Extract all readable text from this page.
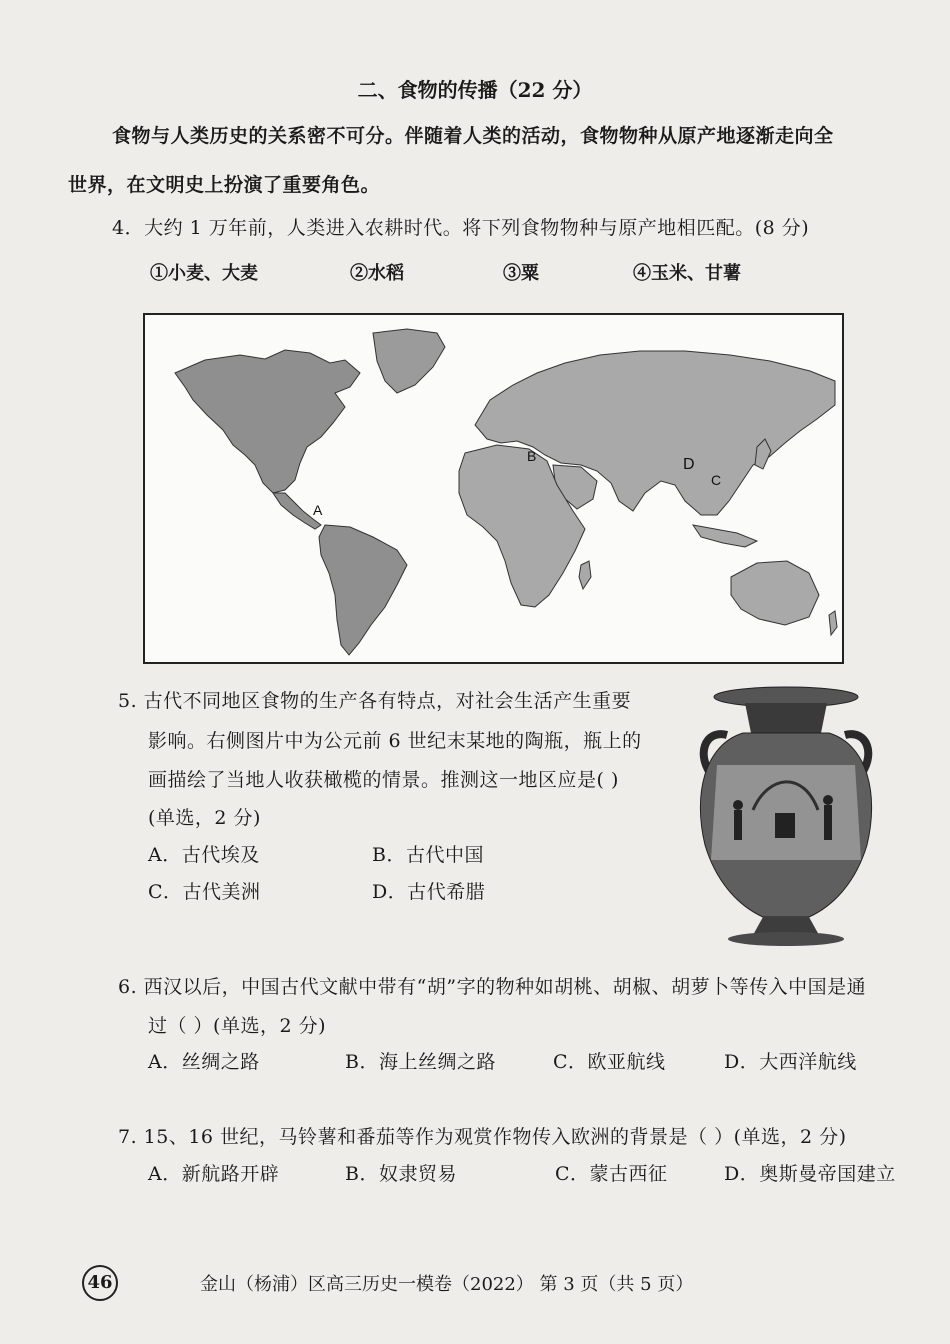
二、食物的传播（22 分）
食物与人类历史的关系密不可分。伴随着人类的活动，食物物种从原产地逐渐走向全
世界，在文明史上扮演了重要角色。
4．大约 1 万年前，人类进入农耕时代。将下列食物物种与原产地相匹配。(8 分)
①小麦、大麦	②水稻	③粟	④玉米、甘薯
A
B
C
D
5. 古代不同地区食物的生产各有特点，对社会生活产生重要
影响。右侧图片中为公元前 6 世纪末某地的陶瓶，瓶上的
画描绘了当地人收获橄榄的情景。推测这一地区应是( )
(单选，2 分)
A．古代埃及	B．古代中国
C．古代美洲	D．古代希腊
6. 西汉以后，中国古代文献中带有“胡”字的物种如胡桃、胡椒、胡萝卜等传入中国是通
过（ ）(单选，2 分)
A．丝绸之路	B．海上丝绸之路	C．欧亚航线	D．大西洋航线
7. 15、16 世纪，马铃薯和番茄等作为观赏作物传入欧洲的背景是（ ）(单选，2 分)
A．新航路开辟	B．奴隶贸易	C．蒙古西征	D．奥斯曼帝国建立
46	金山（杨浦）区高三历史一模卷（2022） 第 3 页（共 5 页）
